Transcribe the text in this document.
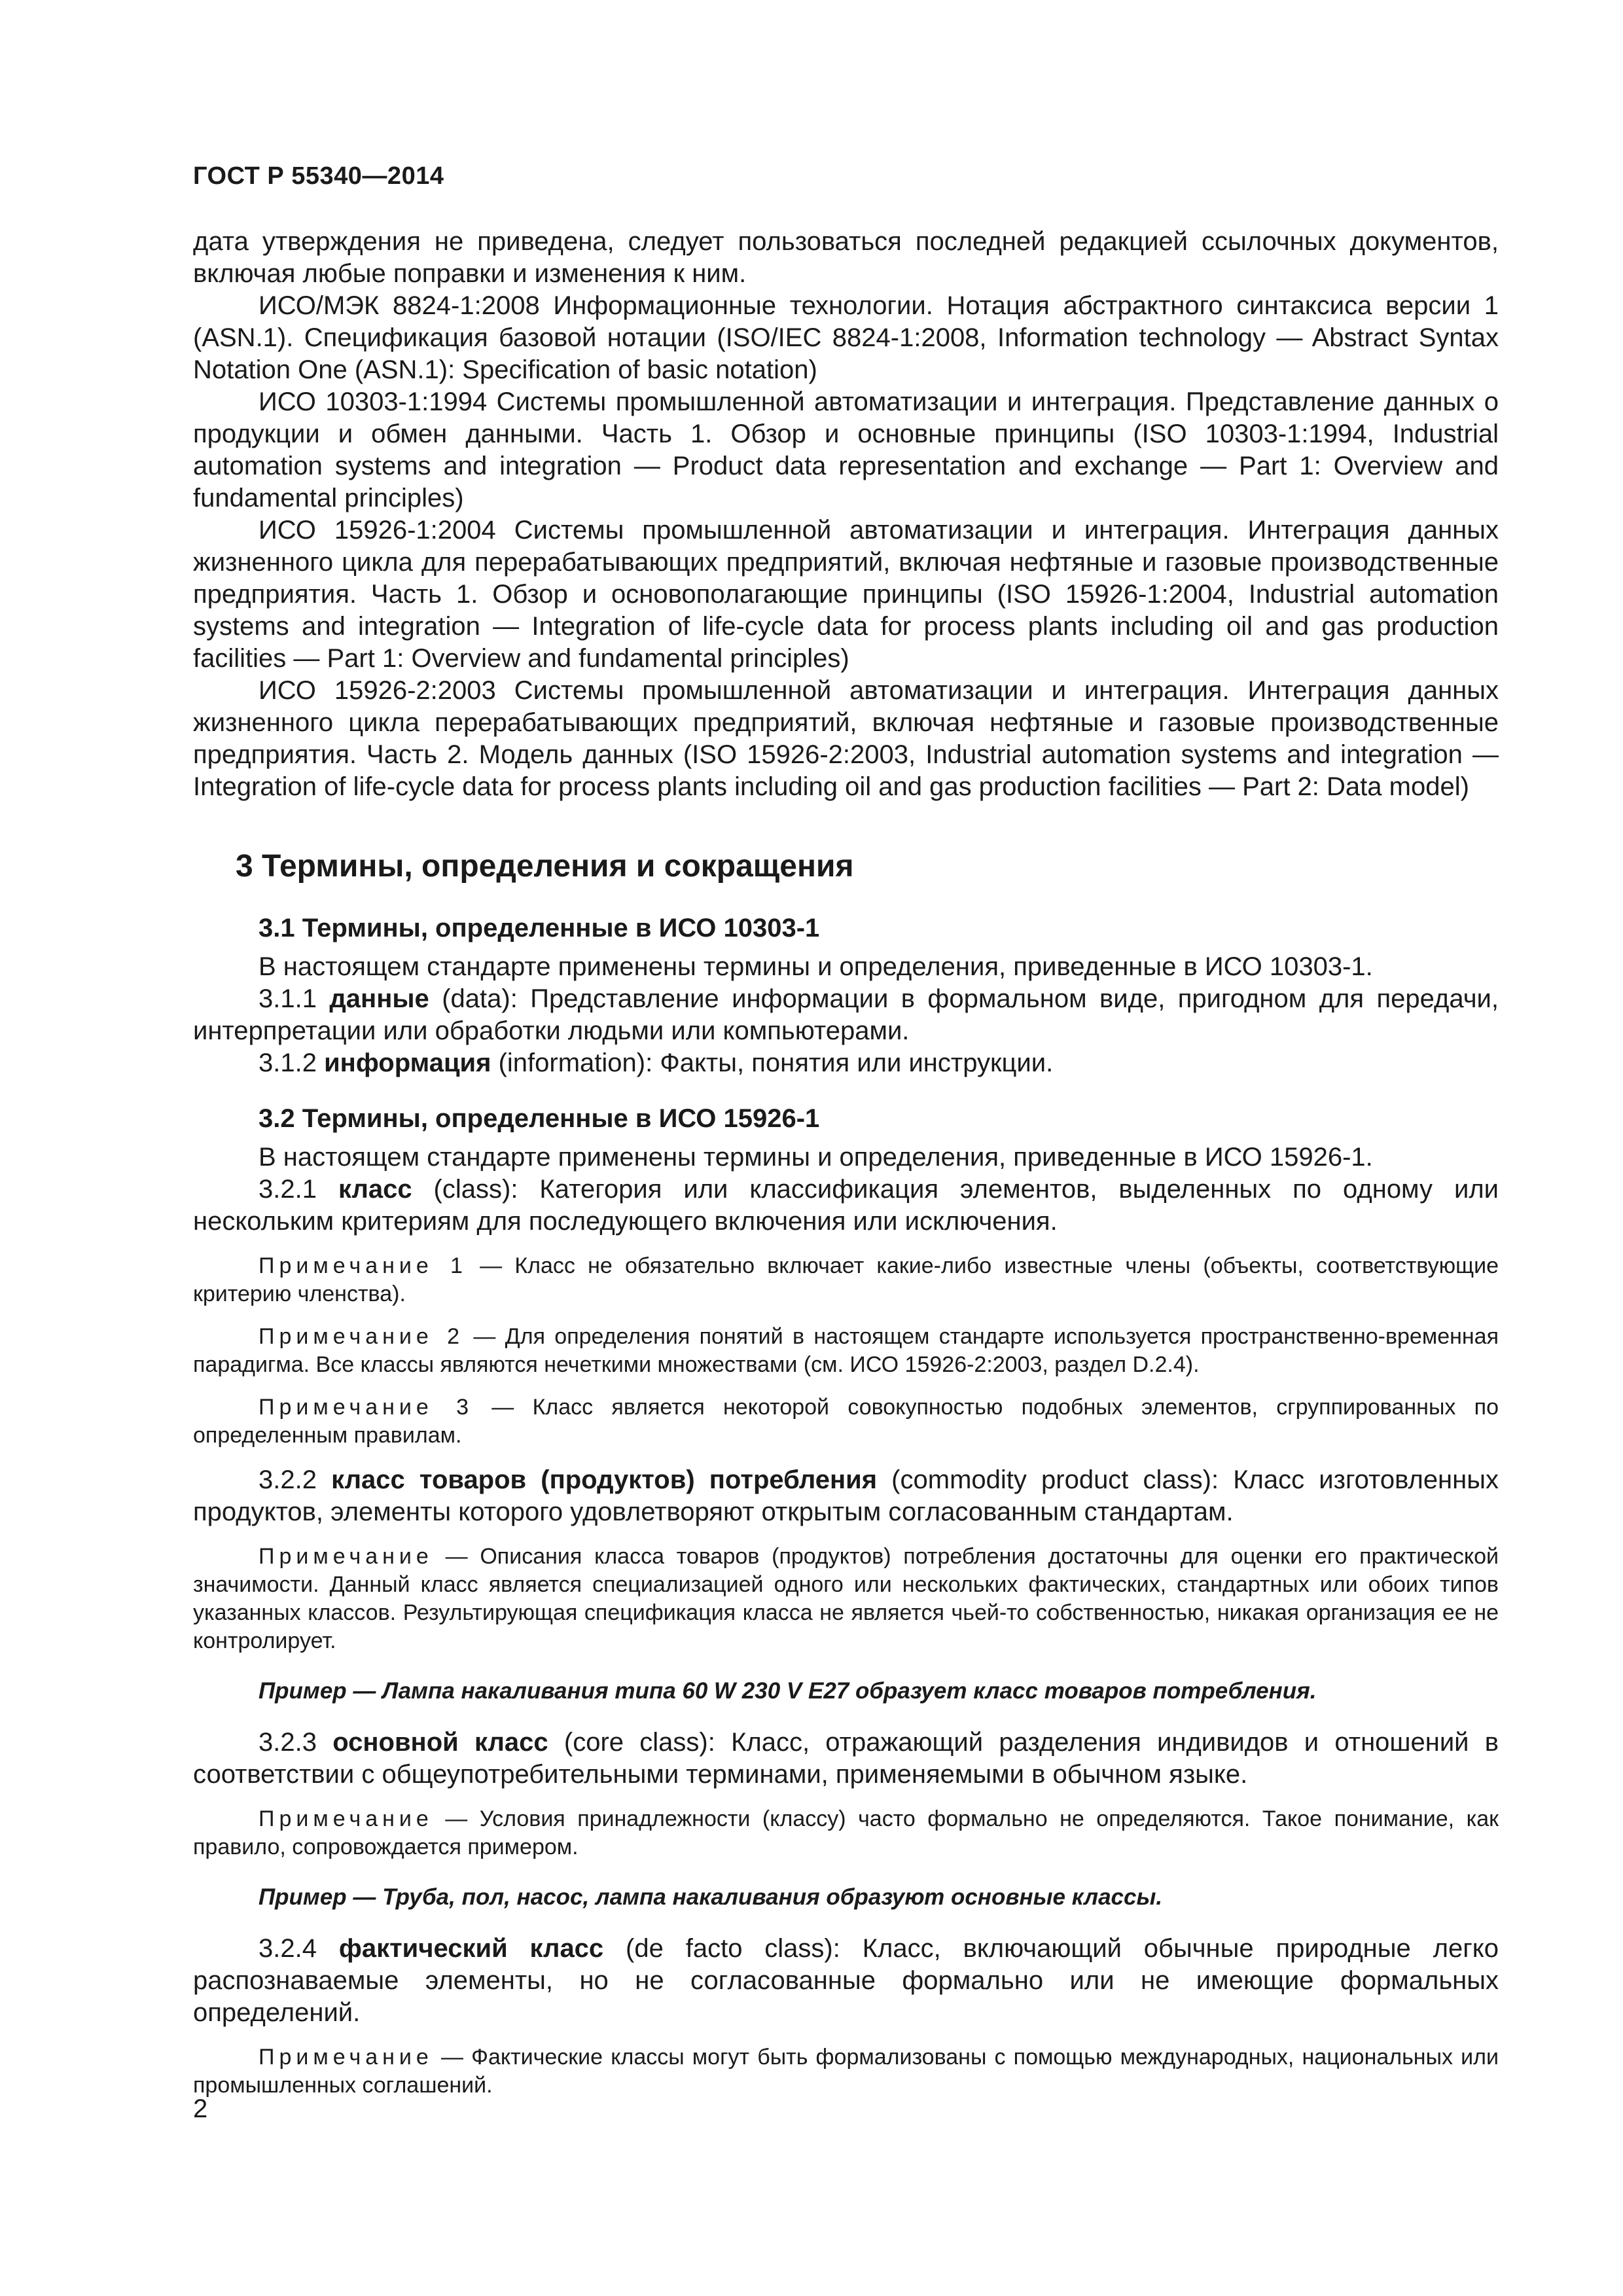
ГОСТ Р 55340—2014

дата утверждения не приведена, следует пользоваться последней редакцией ссылочных документов, включая любые поправки и изменения к ним.

ИСО/МЭК 8824-1:2008 Информационные технологии. Нотация абстрактного синтаксиса версии 1 (ASN.1). Спецификация базовой нотации (ISO/IEC 8824-1:2008, Information technology — Abstract Syntax Notation One (ASN.1): Specification of basic notation)

ИСО 10303-1:1994 Системы промышленной автоматизации и интеграция. Представление данных о продукции и обмен данными. Часть 1. Обзор и основные принципы (ISO 10303-1:1994, Industrial automation systems and integration — Product data representation and exchange — Part 1: Overview and fundamental principles)

ИСО 15926-1:2004 Системы промышленной автоматизации и интеграция. Интеграция данных жизненного цикла для перерабатывающих предприятий, включая нефтяные и газовые производственные предприятия. Часть 1. Обзор и основополагающие принципы (ISO 15926-1:2004, Industrial automation systems and integration — Integration of life-cycle data for process plants including oil and gas production facilities — Part 1: Overview and fundamental principles)

ИСО 15926-2:2003 Системы промышленной автоматизации и интеграция. Интеграция данных жизненного цикла перерабатывающих предприятий, включая нефтяные и газовые производственные предприятия. Часть 2. Модель данных (ISO 15926-2:2003, Industrial automation systems and integration — Integration of life-cycle data for process plants including oil and gas production facilities — Part 2: Data model)

3 Термины, определения и сокращения

3.1 Термины, определенные в ИСО 10303-1

В настоящем стандарте применены термины и определения, приведенные в ИСО 10303-1.

3.1.1 данные (data): Представление информации в формальном виде, пригодном для передачи, интерпретации или обработки людьми или компьютерами.

3.1.2 информация (information): Факты, понятия или инструкции.

3.2 Термины, определенные в ИСО 15926-1

В настоящем стандарте применены термины и определения, приведенные в ИСО 15926-1.

3.2.1 класс (class): Категория или классификация элементов, выделенных по одному или нескольким критериям для последующего включения или исключения.

Примечание 1 — Класс не обязательно включает какие-либо известные члены (объекты, соответствующие критерию членства).

Примечание 2 — Для определения понятий в настоящем стандарте используется пространственно-временная парадигма. Все классы являются нечеткими множествами (см. ИСО 15926-2:2003, раздел D.2.4).

Примечание 3 — Класс является некоторой совокупностью подобных элементов, сгруппированных по определенным правилам.

3.2.2 класс товаров (продуктов) потребления (commodity product class): Класс изготовленных продуктов, элементы которого удовлетворяют открытым согласованным стандартам.

Примечание — Описания класса товаров (продуктов) потребления достаточны для оценки его практической значимости. Данный класс является специализацией одного или нескольких фактических, стандартных или обоих типов указанных классов. Результирующая спецификация класса не является чьей-то собственностью, никакая организация ее не контролирует.

Пример — Лампа накаливания типа 60 W 230 V E27 образует класс товаров потребления.

3.2.3 основной класс (core class): Класс, отражающий разделения индивидов и отношений в соответствии с общеупотребительными терминами, применяемыми в обычном языке.

Примечание — Условия принадлежности (классу) часто формально не определяются. Такое понимание, как правило, сопровождается примером.

Пример — Труба, пол, насос, лампа накаливания образуют основные классы.

3.2.4 фактический класс (de facto class): Класс, включающий обычные природные легко распознаваемые элементы, но не согласованные формально или не имеющие формальных определений.

Примечание — Фактические классы могут быть формализованы с помощью международных, национальных или промышленных соглашений.

2
